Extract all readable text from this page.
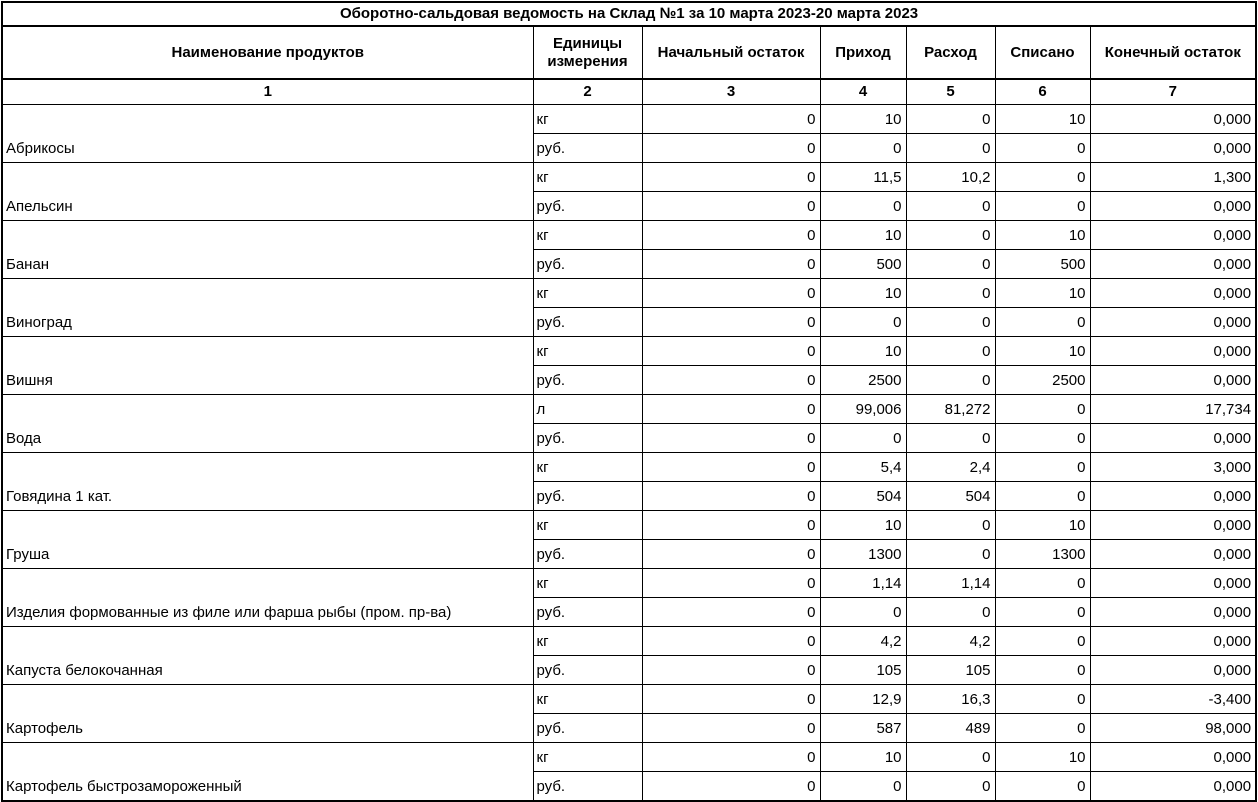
Оборотно-сальдовая ведомость на Склад №1 за 10 марта 2023-20 марта 2023						
Наименование продуктов	Единицы измерения	Начальный остаток	Приход	Расход	Списано	Конечный остаток
1	2	3	4	5	6	7
Абрикосы	кг	0	10	0	10	0,000
	руб.	0	0	0	0	0,000
Апельсин	кг	0	11,5	10,2	0	1,300
	руб.	0	0	0	0	0,000
Банан	кг	0	10	0	10	0,000
	руб.	0	500	0	500	0,000
Виноград	кг	0	10	0	10	0,000
	руб.	0	0	0	0	0,000
Вишня	кг	0	10	0	10	0,000
	руб.	0	2500	0	2500	0,000
Вода	л	0	99,006	81,272	0	17,734
	руб.	0	0	0	0	0,000
Говядина 1 кат.	кг	0	5,4	2,4	0	3,000
	руб.	0	504	504	0	0,000
Груша	кг	0	10	0	10	0,000
	руб.	0	1300	0	1300	0,000
Изделия формованные из филе или фарша рыбы (пром. пр-ва)	кг	0	1,14	1,14	0	0,000
	руб.	0	0	0	0	0,000
Капуста белокочанная	кг	0	4,2	4,2	0	0,000
	руб.	0	105	105	0	0,000
Картофель	кг	0	12,9	16,3	0	-3,400
	руб.	0	587	489	0	98,000
Картофель быстрозамороженный	кг	0	10	0	10	0,000
	руб.	0	0	0	0	0,000
